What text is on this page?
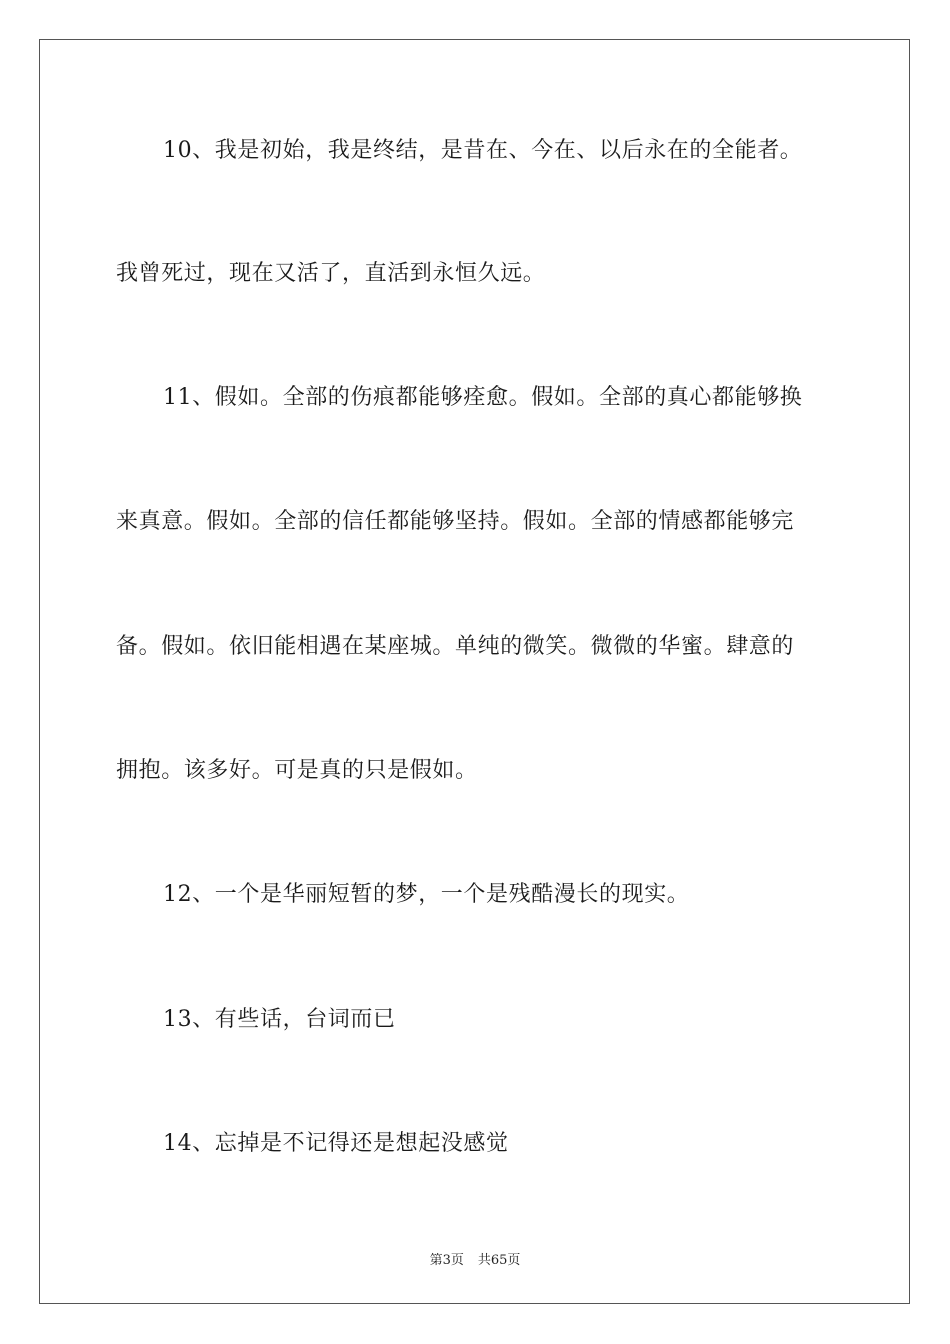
10、我是初始，我是终结，是昔在、今在、以后永在的全能者。
我曾死过，现在又活了，直活到永恒久远。
11、假如。全部的伤痕都能够痊愈。假如。全部的真心都能够换
来真意。假如。全部的信任都能够坚持。假如。全部的情感都能够完
备。假如。依旧能相遇在某座城。单纯的微笑。微微的华蜜。肆意的
拥抱。该多好。可是真的只是假如。
12、一个是华丽短暂的梦，一个是残酷漫长的现实。
13、有些话，台词而已
14、忘掉是不记得还是想起没感觉
第3页 共65页
